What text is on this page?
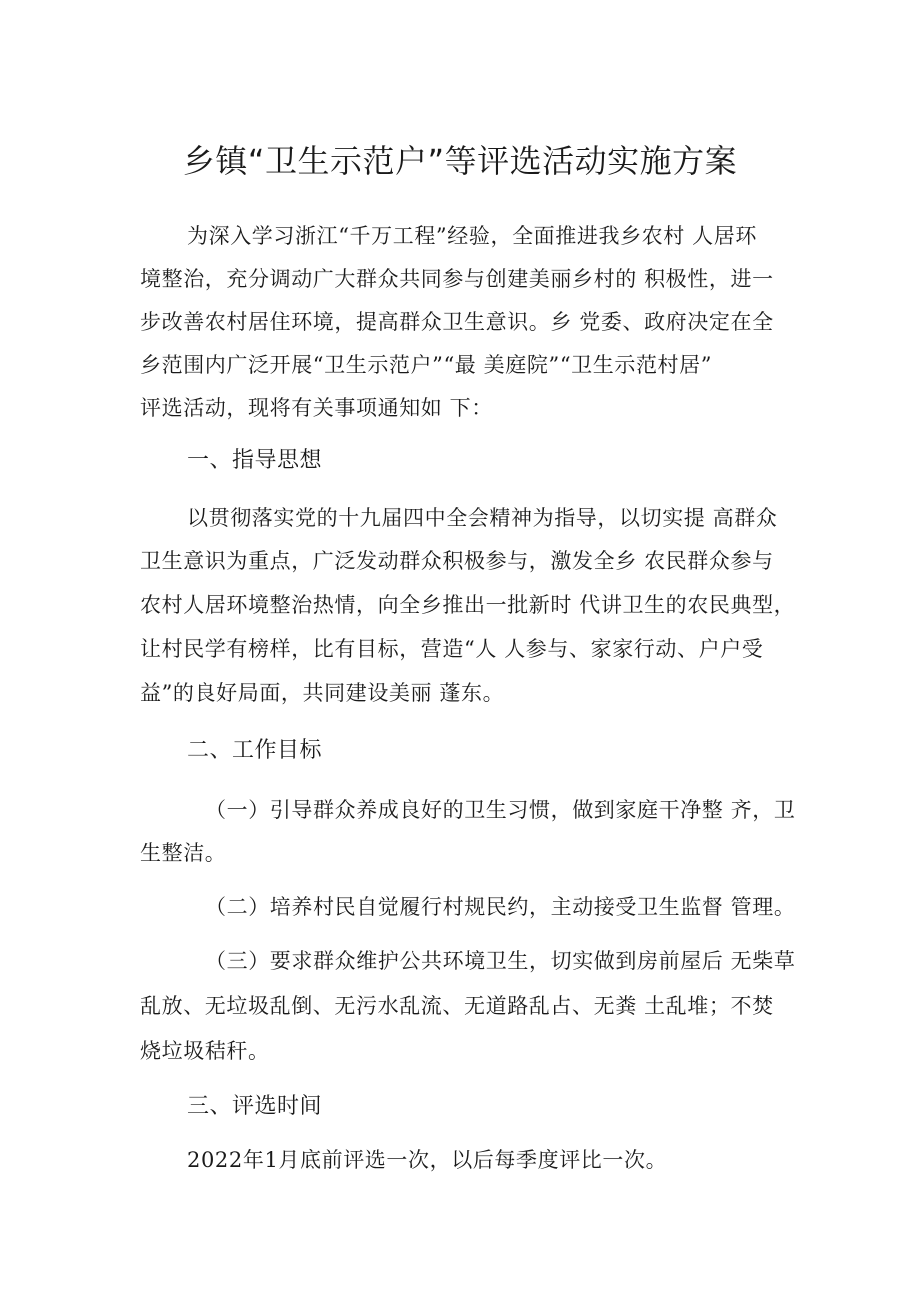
乡镇“卫生示范户”等评选活动实施方案
为深入学习浙江“千万工程”经验，全面推进我乡农村 人居环
境整治，充分调动广大群众共同参与创建美丽乡村的 积极性，进一
步改善农村居住环境，提高群众卫生意识。乡 党委、政府决定在全
乡范围内广泛开展“卫生示范户”“最 美庭院”“卫生示范村居”
评选活动，现将有关事项通知如 下：
一、指导思想
以贯彻落实党的十九届四中全会精神为指导，以切实提 高群众
卫生意识为重点，广泛发动群众积极参与，激发全乡 农民群众参与
农村人居环境整治热情，向全乡推出一批新时 代讲卫生的农民典型，
让村民学有榜样，比有目标，营造“人 人参与、家家行动、户户受
益”的良好局面，共同建设美丽 蓬东。
二、工作目标
（一）引导群众养成良好的卫生习惯，做到家庭干净整 齐，卫
生整洁。
（二）培养村民自觉履行村规民约，主动接受卫生监督 管理。
（三）要求群众维护公共环境卫生，切实做到房前屋后 无柴草
乱放、无垃圾乱倒、无污水乱流、无道路乱占、无粪 土乱堆；不焚
烧垃圾秸秆。
三、评选时间
2022年1月底前评选一次，以后每季度评比一次。
